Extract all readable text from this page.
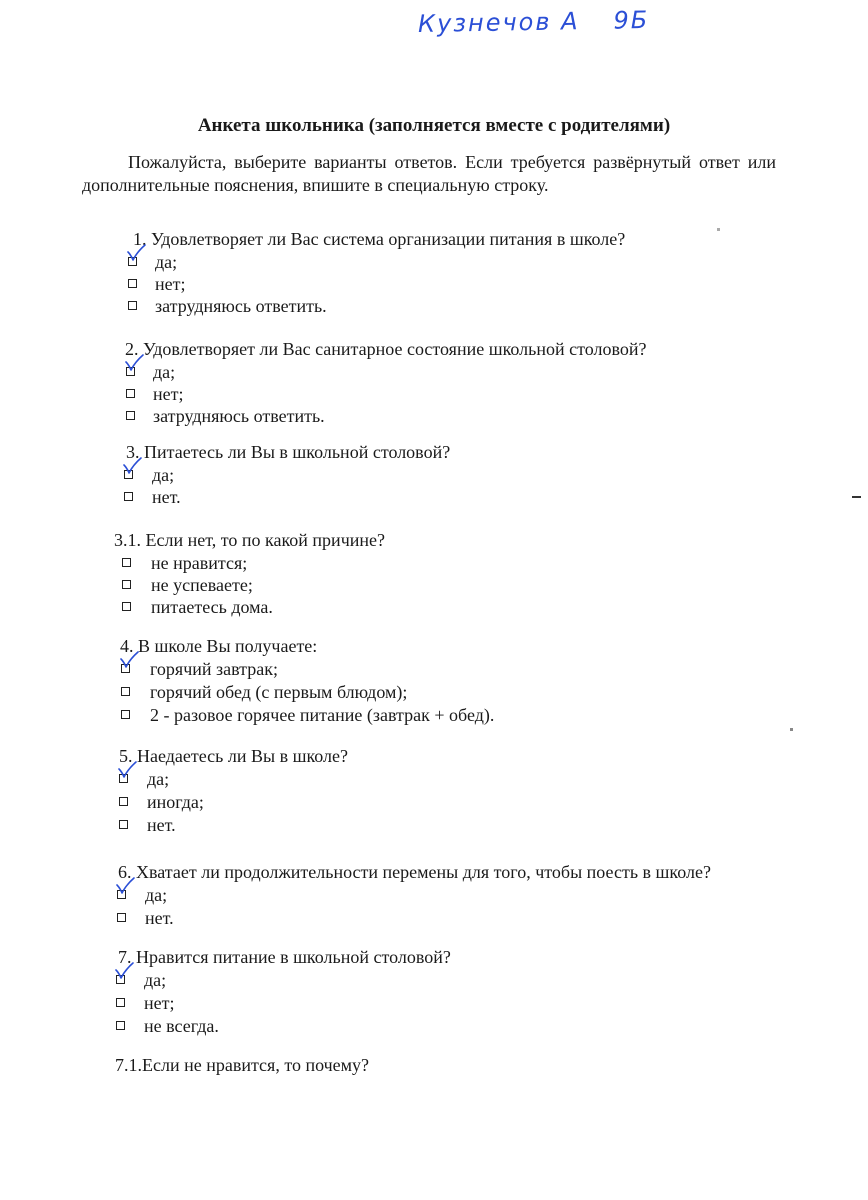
Кузнечов А 9Б
Анкета школьника (заполняется вместе с родителями)
Пожалуйста, выберите варианты ответов. Если требуется развёрнутый ответ или дополнительные пояснения, впишите в специальную строку.
1. Удовлетворяет ли Вас система организации питания в школе?
да;
нет;
затрудняюсь ответить.
2. Удовлетворяет ли Вас санитарное состояние школьной столовой?
да;
нет;
затрудняюсь ответить.
3. Питаетесь ли Вы в школьной столовой?
да;
нет.
3.1. Если нет, то по какой причине?
не нравится;
не успеваете;
питаетесь дома.
4. В школе Вы получаете:
горячий завтрак;
горячий обед (с первым блюдом);
2 - разовое горячее питание (завтрак + обед).
5. Наедаетесь ли Вы в школе?
да;
иногда;
нет.
6. Хватает ли продолжительности перемены для того, чтобы поесть в школе?
да;
нет.
7. Нравится питание в школьной столовой?
да;
нет;
не всегда.
7.1.Если не нравится, то почему?
